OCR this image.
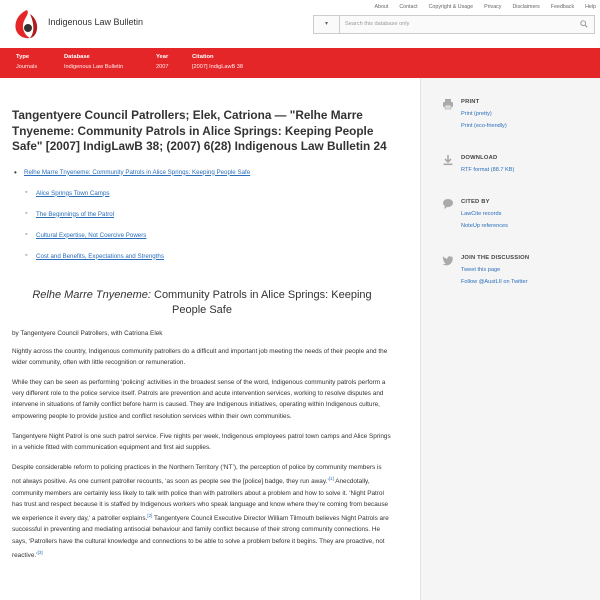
Indigenous Law Bulletin
About Contact Copyright & Usage Privacy Disclaimers Feedback Help
▾	Search this database only
Type
Journals
Database
Indigenous Law Bulletin
Year
2007
Citation
[2007] IndigLawB 38
Tangentyere Council Patrollers; Elek, Catriona — "Relhe Marre Tnyeneme: Community Patrols in Alice Springs: Keeping People Safe" [2007] IndigLawB 38; (2007) 6(28) Indigenous Law Bulletin 24
• Relhe Marre Tnyeneme: Community Patrols in Alice Springs: Keeping People Safe
◦ Alice Springs Town Camps
◦ The Beginnings of the Patrol
◦ Cultural Expertise, Not Coercive Powers
◦ Cost and Benefits, Expectations and Strengths
Relhe Marre Tnyeneme: Community Patrols in Alice Springs: Keeping People Safe
by Tangentyere Council Patrollers, with Catriona Elek
Nightly across the country, Indigenous community patrollers do a difficult and important job meeting the needs of their people and the wider community, often with little recognition or remuneration.
While they can be seen as performing ‘policing’ activities in the broadest sense of the word, Indigenous community patrols perform a very different role to the police service itself. Patrols are prevention and acute intervention services, working to resolve disputes and intervene in situations of family conflict before harm is caused. They are Indigenous initiatives, operating within Indigenous culture, empowering people to provide justice and conflict resolution services within their own communities.
Tangentyere Night Patrol is one such patrol service. Five nights per week, Indigenous employees patrol town camps and Alice Springs in a vehicle fitted with communication equipment and first aid supplies.
Despite considerable reform to policing practices in the Northern Territory (‘NT’), the perception of police by community members is not always positive. As one current patroller recounts, ‘as soon as people see the [police] badge, they run away.’[1] Anecdotally, community members are certainly less likely to talk with police than with patrollers about a problem and how to solve it. ‘Night Patrol has trust and respect because it is staffed by Indigenous workers who speak language and know where they’re coming from because we experience it every day,’ a patroller explains.[2] Tangentyere Council Executive Director William Tilmouth believes Night Patrols are successful in preventing and mediating antisocial behaviour and family conflict because of their strong community connections. He says, ‘Patrollers have the cultural knowledge and connections to be able to solve a problem before it begins. They are proactive, not reactive.’[3]
PRINT
Print (pretty)
Print (eco-friendly)
DOWNLOAD
RTF format (88.7 KB)
CITED BY
LawCite records
NoteUp references
JOIN THE DISCUSSION
Tweet this page
Follow @AustLII on Twitter
